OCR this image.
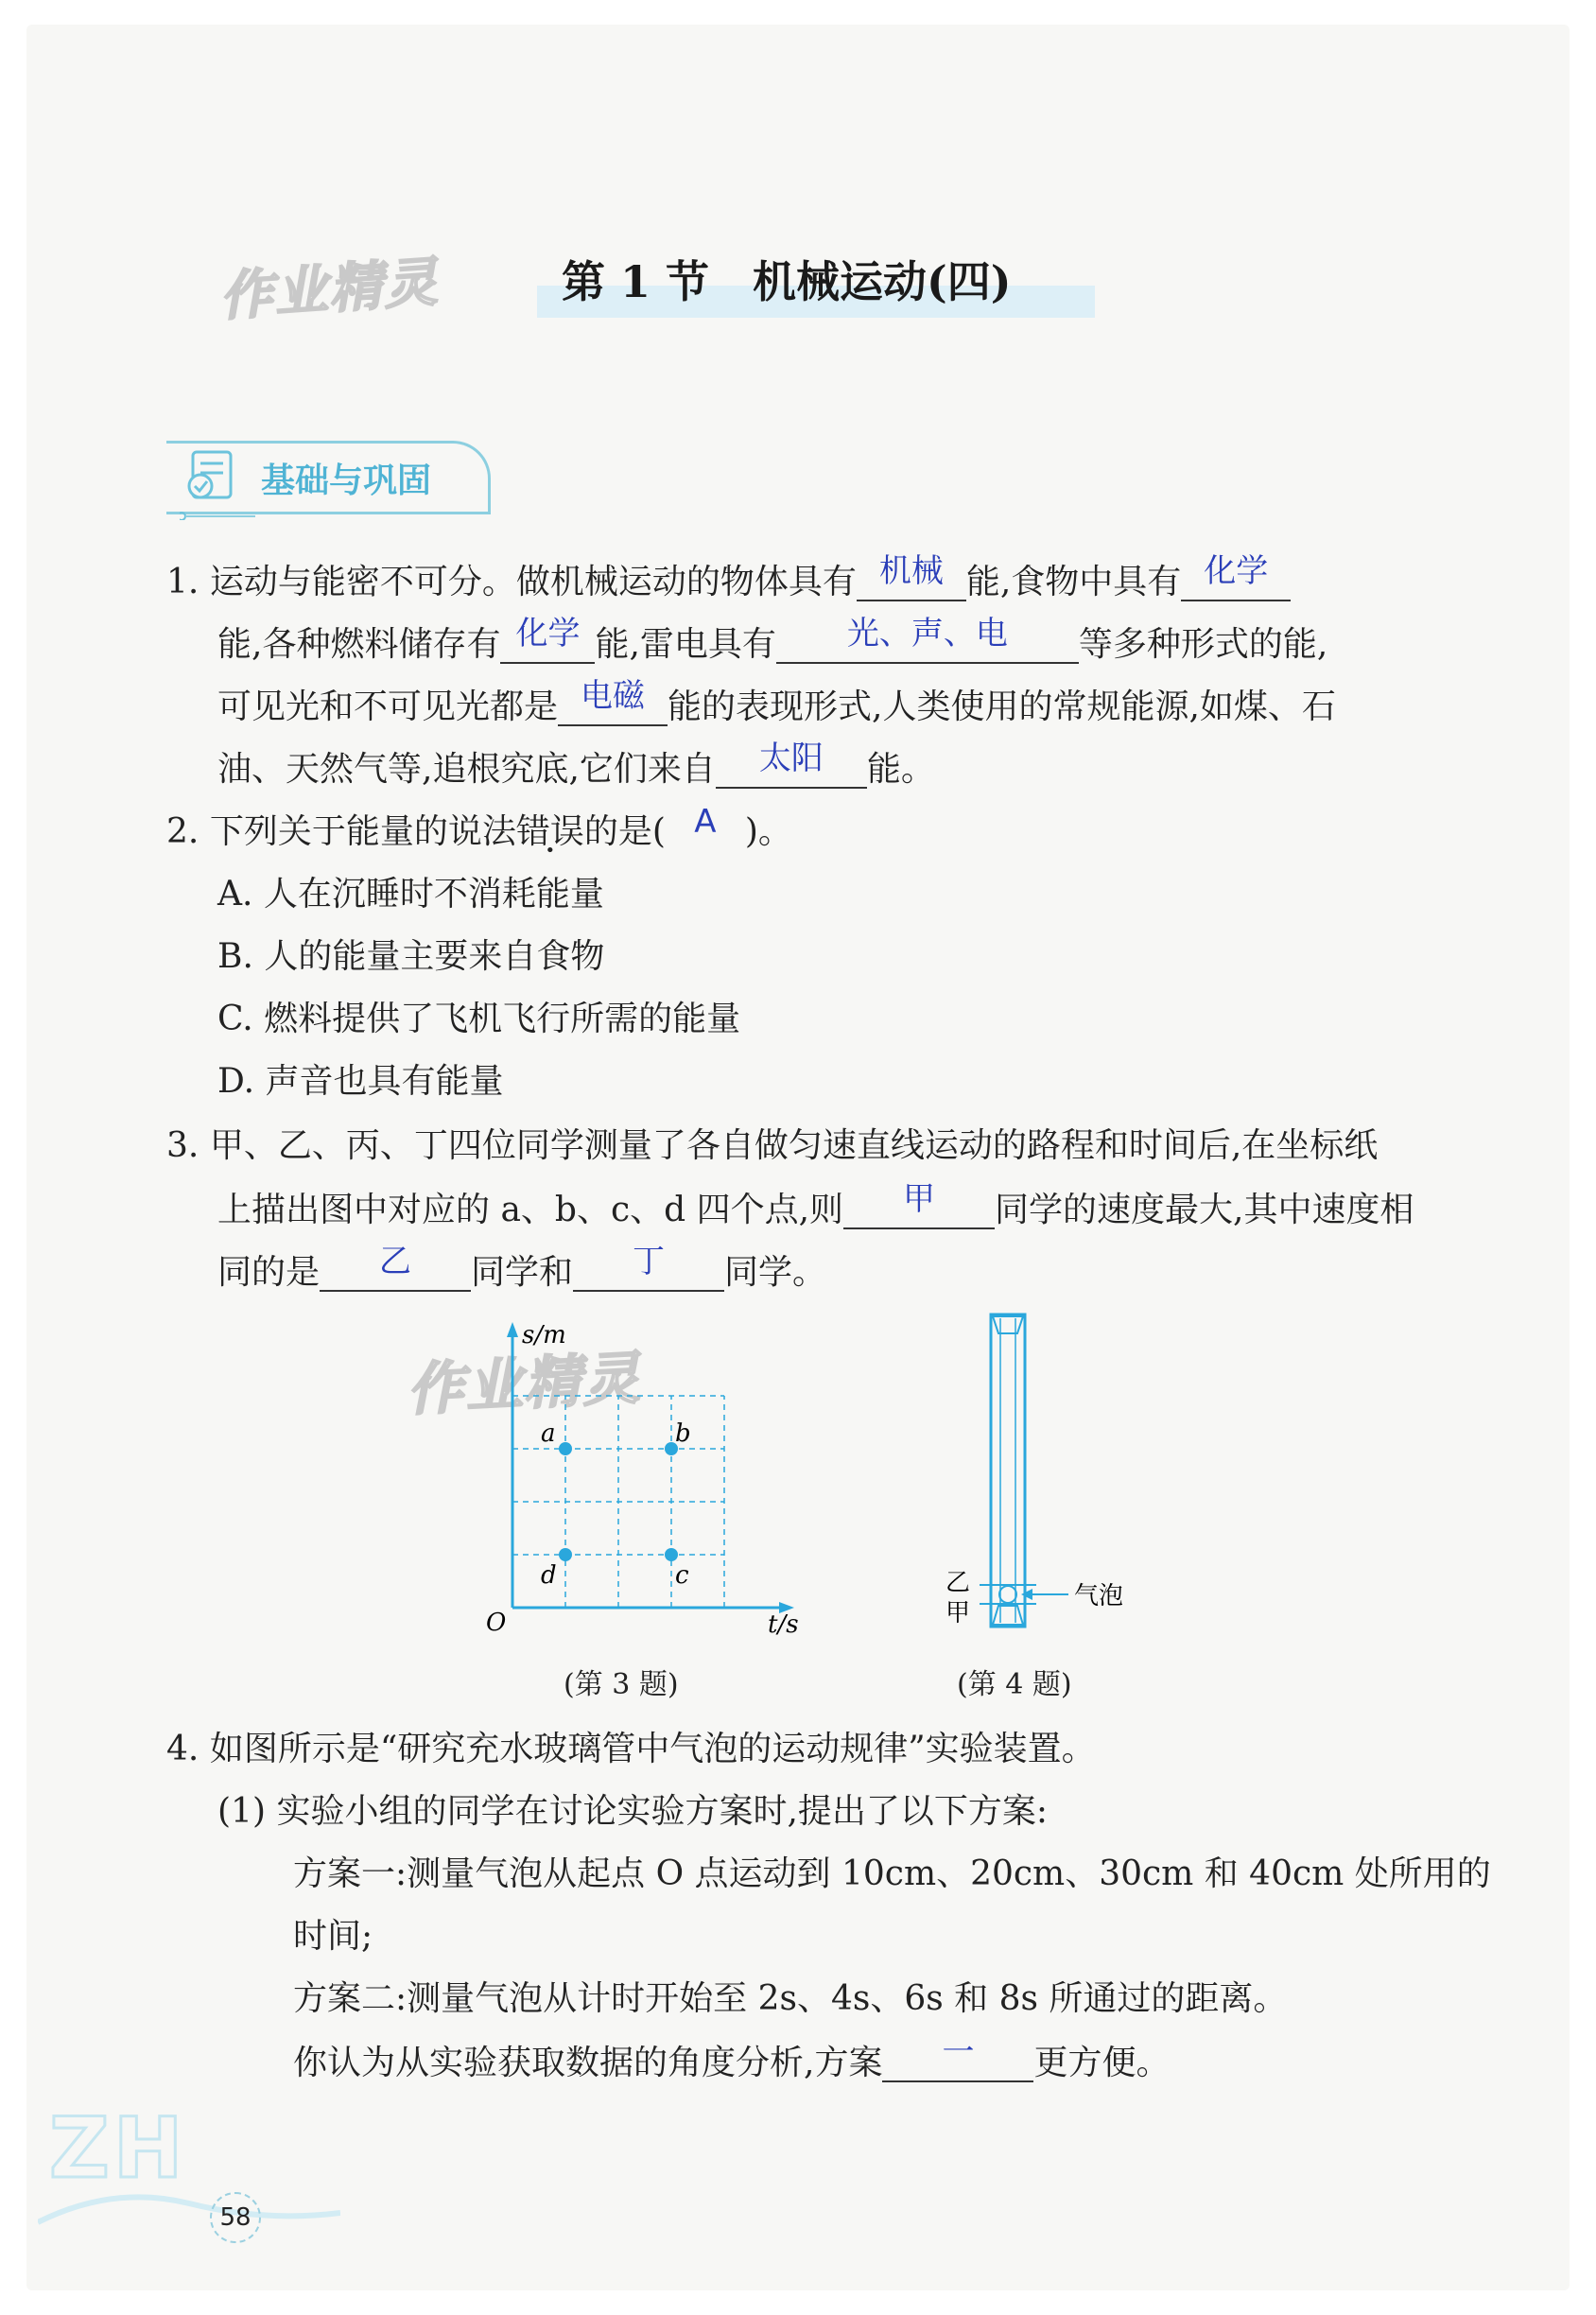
作业精灵	第 1 节　机械运动(四)
基础与巩固
1. 运动与能密不可分。做机械运动的物体具有 机械 能,食物中具有 化学
能,各种燃料储存有 化学 能,雷电具有	光、声、电	等多种形式的能,
可见光和不可见光都是 电磁 能的表现形式,人类使用的常规能源,如煤、石
油、天然气等,追根究底,它们来自	太阳	能。
2. 下列关于能量的说法错误的是( A )。
A. 人在沉睡时不消耗能量
B. 人的能量主要来自食物
C. 燃料提供了飞机飞行所需的能量
D. 声音也具有能量
3. 甲、乙、丙、丁四位同学测量了各自做匀速直线运动的路程和时间后,在坐标纸
上描出图中对应的 a、b、c、d 四个点,则	甲	同学的速度最大,其中速度相
同的是	乙	同学和	丁	同学。
作业精灵
s/m
t/s
O
a	b
c
d
(第 3 题)
乙
甲
气泡
(第 4 题)
4. 如图所示是“研究充水玻璃管中气泡的运动规律”实验装置。
(1) 实验小组的同学在讨论实验方案时,提出了以下方案:
方案一:测量气泡从起点 O 点运动到 10cm、20cm、30cm 和 40cm 处所用的
时间;
方案二:测量气泡从计时开始至 2s、4s、6s 和 8s 所通过的距离。
你认为从实验获取数据的角度分析,方案	一	更方便。
ZH
58
